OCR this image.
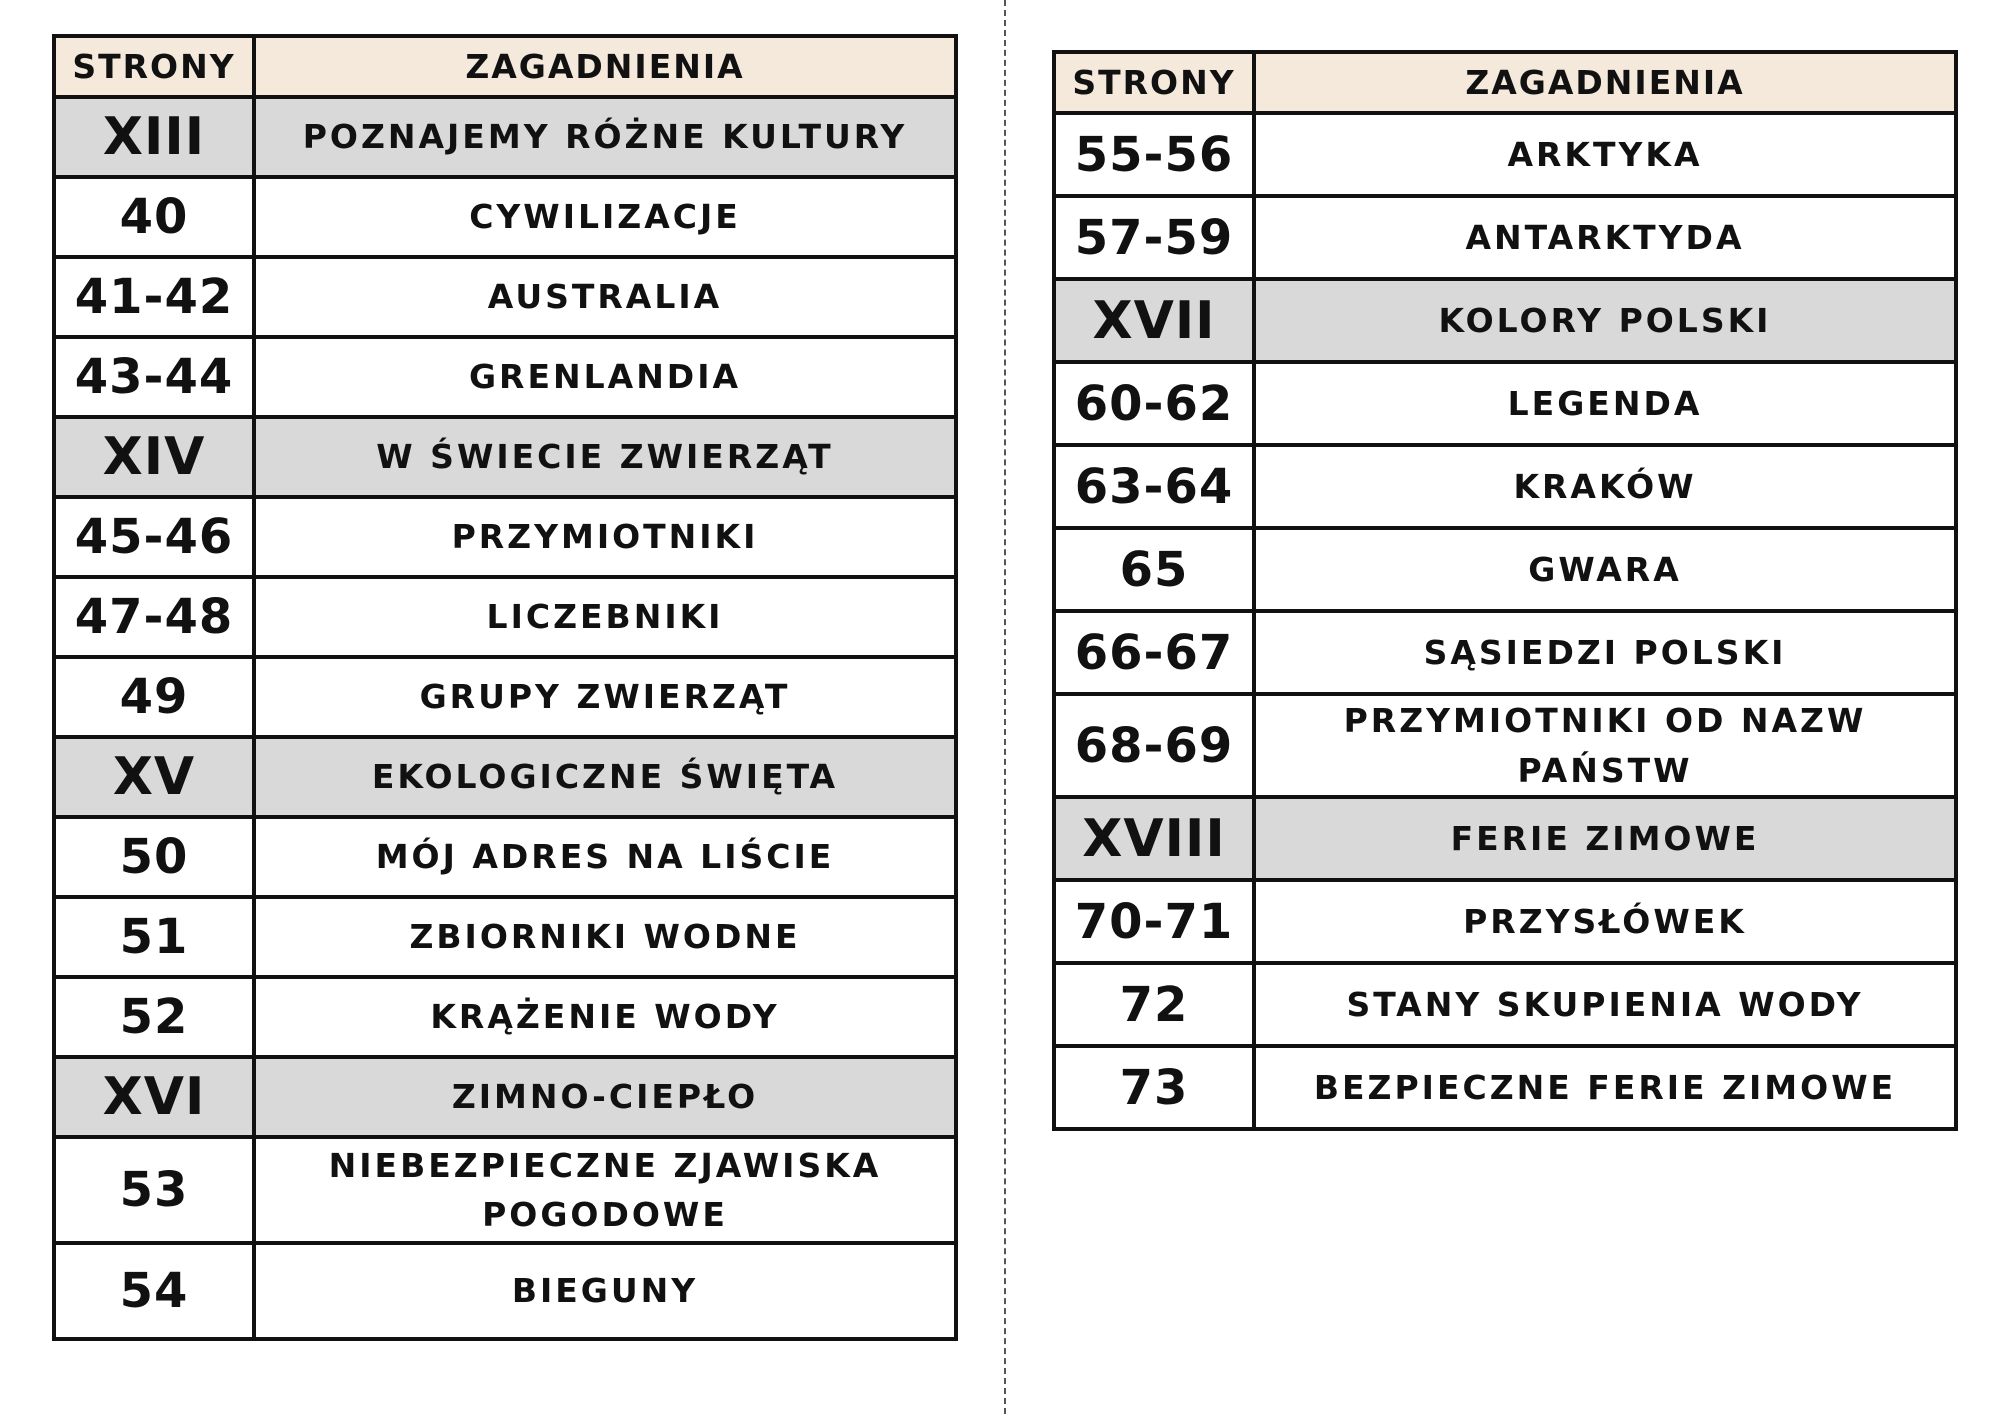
STRONY	ZAGADNIENIA
XIII	POZNAJEMY RÓŻNE KULTURY
40	CYWILIZACJE
41-42	AUSTRALIA
43-44	GRENLANDIA
XIV	W ŚWIECIE ZWIERZĄT
45-46	PRZYMIOTNIKI
47-48	LICZEBNIKI
49	GRUPY ZWIERZĄT
XV	EKOLOGICZNE ŚWIĘTA
50	MÓJ ADRES NA LIŚCIE
51	ZBIORNIKI WODNE
52	KRĄŻENIE WODY
XVI	ZIMNO-CIEPŁO
53	NIEBEZPIECZNE ZJAWISKA POGODOWE
54	BIEGUNY
STRONY	ZAGADNIENIA
55-56	ARKTYKA
57-59	ANTARKTYDA
XVII	KOLORY POLSKI
60-62	LEGENDA
63-64	KRAKÓW
65	GWARA
66-67	SĄSIEDZI POLSKI
68-69	PRZYMIOTNIKI OD NAZW PAŃSTW
XVIII	FERIE ZIMOWE
70-71	PRZYSŁÓWEK
72	STANY SKUPIENIA WODY
73	BEZPIECZNE FERIE ZIMOWE
